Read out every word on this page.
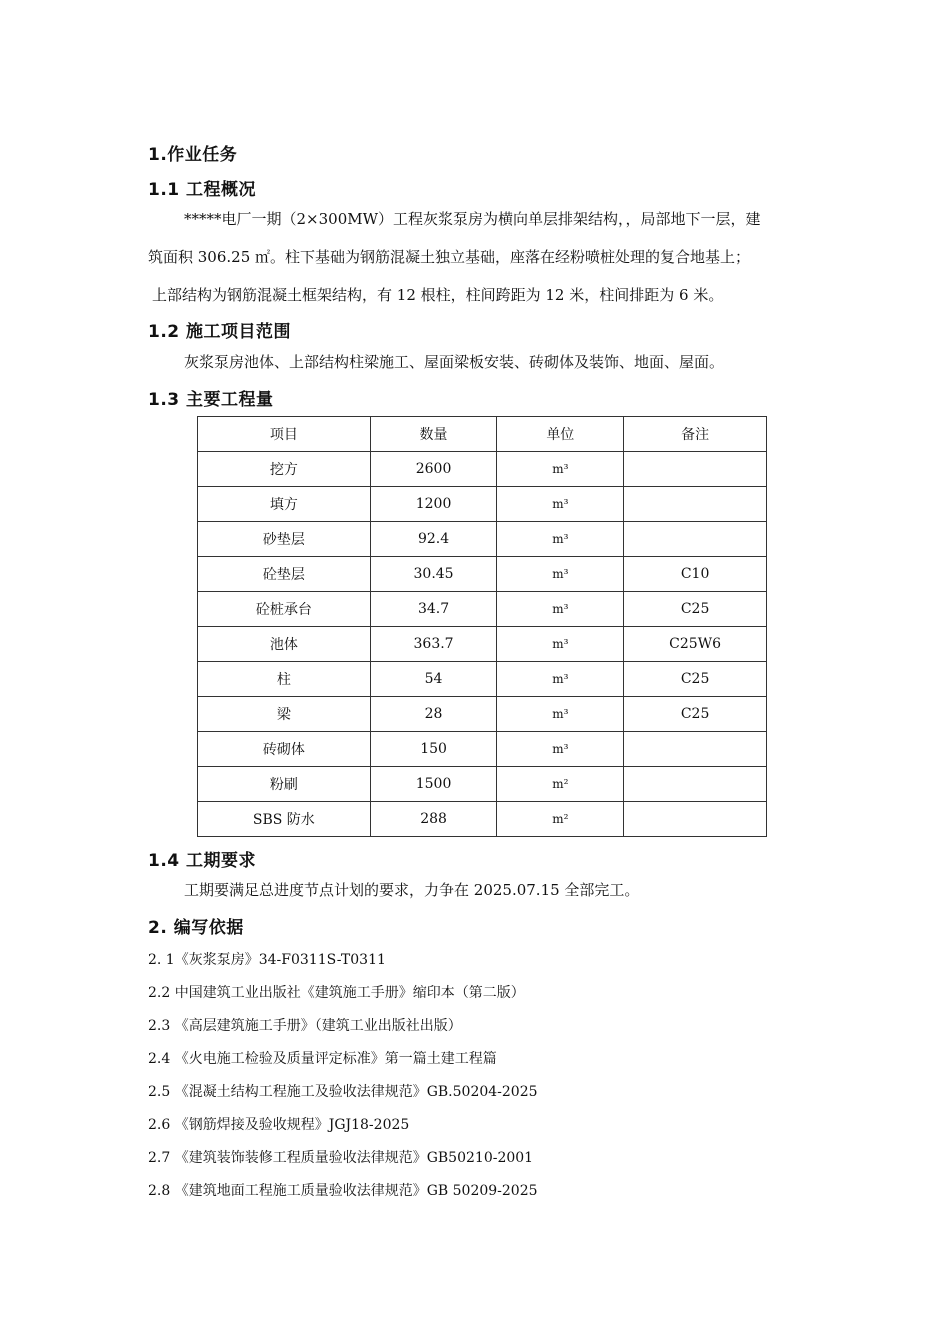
1.作业任务
1.1 工程概况
*****电厂一期（2×300MW）工程灰浆泵房为横向单层排架结构，，局部地下一层，建
筑面积 306.25 ㎡。柱下基础为钢筋混凝土独立基础，座落在经粉喷桩处理的复合地基上；
上部结构为钢筋混凝土框架结构，有 12 根柱，柱间跨距为 12 米，柱间排距为 6 米。
1.2 施工项目范围
灰浆泵房池体、上部结构柱梁施工、屋面梁板安装、砖砌体及装饰、地面、屋面。
1.3 主要工程量
项目	数量	单位	备注
挖方	2600	m³	
填方	1200	m³	
砂垫层	92.4	m³	
砼垫层	30.45	m³	C10
砼桩承台	34.7	m³	C25
池体	363.7	m³	C25W6
柱	54	m³	C25
梁	28	m³	C25
砖砌体	150	m³	
粉刷	1500	m²	
SBS 防水	288	m²	
1.4 工期要求
工期要满足总进度节点计划的要求，力争在 2025.07.15 全部完工。
2. 编写依据
2. 1《灰浆泵房》34-F0311S-T0311
2.2 中国建筑工业出版社《建筑施工手册》缩印本（第二版）
2.3 《高层建筑施工手册》（建筑工业出版社出版）
2.4 《火电施工检验及质量评定标准》第一篇土建工程篇
2.5 《混凝土结构工程施工及验收法律规范》GB.50204-2025
2.6 《钢筋焊接及验收规程》JGJ18-2025
2.7 《建筑装饰装修工程质量验收法律规范》GB50210-2001
2.8 《建筑地面工程施工质量验收法律规范》GB 50209-2025
